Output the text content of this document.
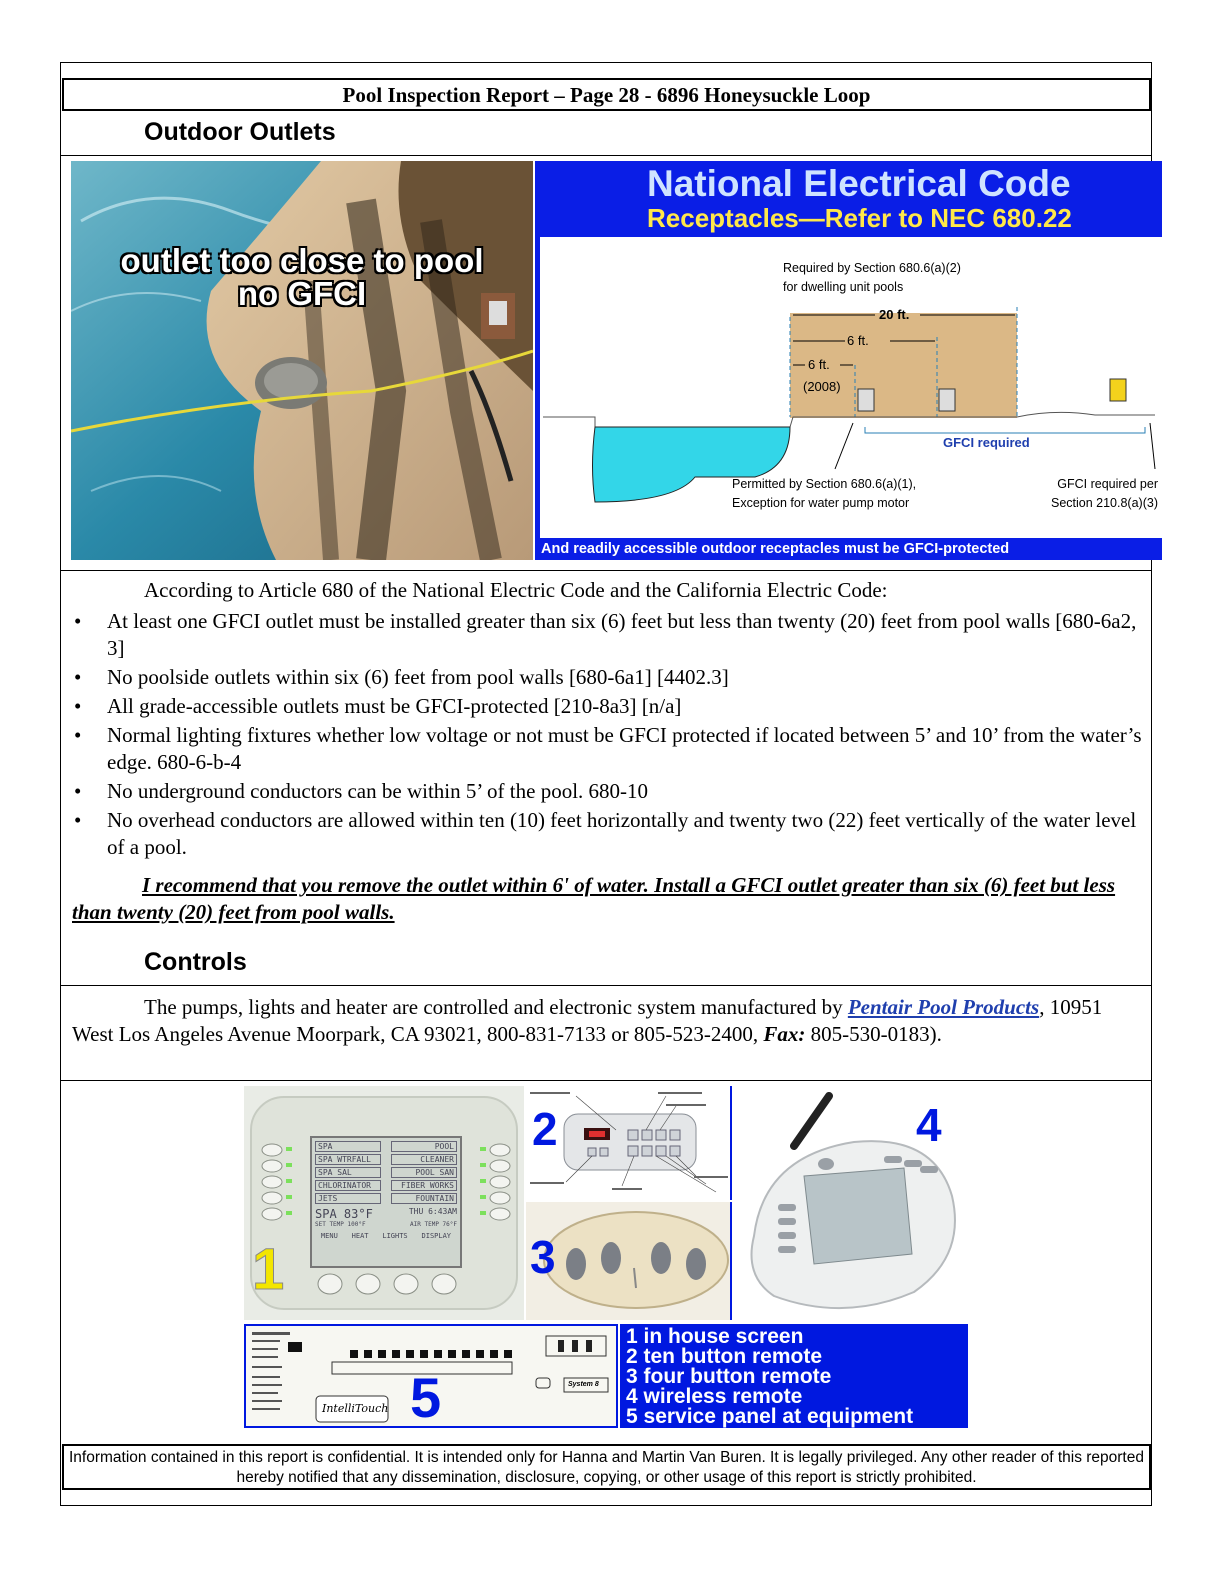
Pool Inspection Report – Page 28 - 6896 Honeysuckle Loop
Outdoor Outlets
outlet too close to pool
no GFCI
National Electrical Code
Receptacles—Refer to NEC 680.22
Required by Section 680.6(a)(2)
for dwelling unit pools
20 ft.
6 ft.
6 ft.
(2008)
GFCI required
Permitted by Section 680.6(a)(1),
Exception for water pump motor
GFCI required per
Section 210.8(a)(3)
And readily accessible outdoor receptacles must be GFCI-protected
According to Article 680 of the National Electric Code and the California Electric Code:
• At least one GFCI outlet must be installed greater than six (6) feet but less than twenty (20) feet from pool walls [680-6a2, 3]
• No poolside outlets within six (6) feet from pool walls [680-6a1] [4402.3]
• All grade-accessible outlets must be GFCI-protected [210-8a3] [n/a]
• Normal lighting fixtures whether low voltage or not must be GFCI protected if located between 5’ and 10’ from the water’s edge. 680-6-b-4
• No underground conductors can be within 5’ of the pool. 680-10
• No overhead conductors are allowed within ten (10) feet horizontally and twenty two (22) feet vertically of the water level of a pool.
I recommend that you remove the outlet within 6' of water. Install a GFCI outlet greater than six (6) feet but less than twenty (20) feet from pool walls.
Controls
The pumps, lights and heater are controlled and electronic system manufactured by Pentair Pool Products, 10951 West Los Angeles Avenue Moorpark, CA 93021, 800-831-7133 or 805-523-2400, Fax: 805-530-0183).
SPA	POOL
SPA WTRFALL	CLEANER
SPA SAL	POOL SAN
CHLORINATOR	FIBER WORKS
JETS	FOUNTAIN
SPA 83°F	THU 6:43AM
SET TEMP 100°F	AIR TEMP 76°F
MENU HEAT LIGHTS DISPLAY
1
2
3
4
IntelliTouch
System 8
5
1 in house screen
2 ten button remote
3 four button remote
4 wireless remote
5 service panel at equipment
Information contained in this report is confidential. It is intended only for Hanna and Martin Van Buren. It is legally privileged. Any other reader of this reported hereby notified that any dissemination, disclosure, copying, or other usage of this report is strictly prohibited.
